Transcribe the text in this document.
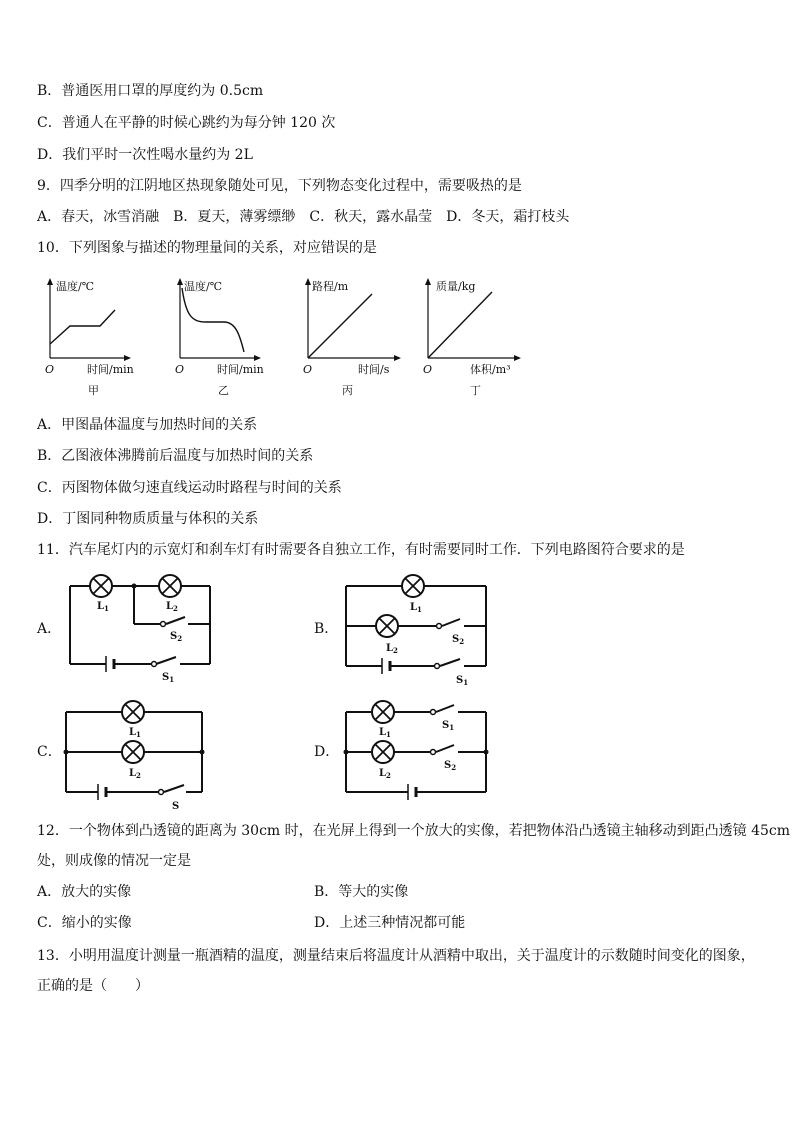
B．普通医用口罩的厚度约为 0.5cm
C．普通人在平静的时候心跳约为每分钟 120 次
D．我们平时一次性喝水量约为 2L
9．四季分明的江阴地区热现象随处可见，下列物态变化过程中，需要吸热的是
A．春天，冰雪消融　B．夏天，薄雾缥缈　C．秋天，露水晶莹　D．冬天，霜打枝头
10．下列图象与描述的物理量间的关系，对应错误的是
温度/℃
O	时间/min
甲
温度/℃
O	时间/min
乙
路程/m
O	时间/s
丙
质量/kg
O	体积/m³
丁
A．甲图晶体温度与加热时间的关系
B．乙图液体沸腾前后温度与加热时间的关系
C．丙图物体做匀速直线运动时路程与时间的关系
D．丁图同种物质质量与体积的关系
11．汽车尾灯内的示宽灯和刹车灯有时需要各自独立工作，有时需要同时工作．下列电路图符合要求的是
A．
$L_1$	$L_2$
$S_2$
$S_1$
B．
$L_1$
$L_2$
$S_2$
$S_1$
C．
$L_1$
$L_2$
S
D．
$L_1$
$L_2$
$S_1$
$S_2$
12．一个物体到凸透镜的距离为 30cm 时，在光屏上得到一个放大的实像，若把物体沿凸透镜主轴移动到距凸透镜 45cm
处，则成像的情况一定是
A．放大的实像	B．等大的实像
C．缩小的实像	D．上述三种情况都可能
13．小明用温度计测量一瓶酒精的温度，测量结束后将温度计从酒精中取出，关于温度计的示数随时间变化的图象，
正确的是（　　）
